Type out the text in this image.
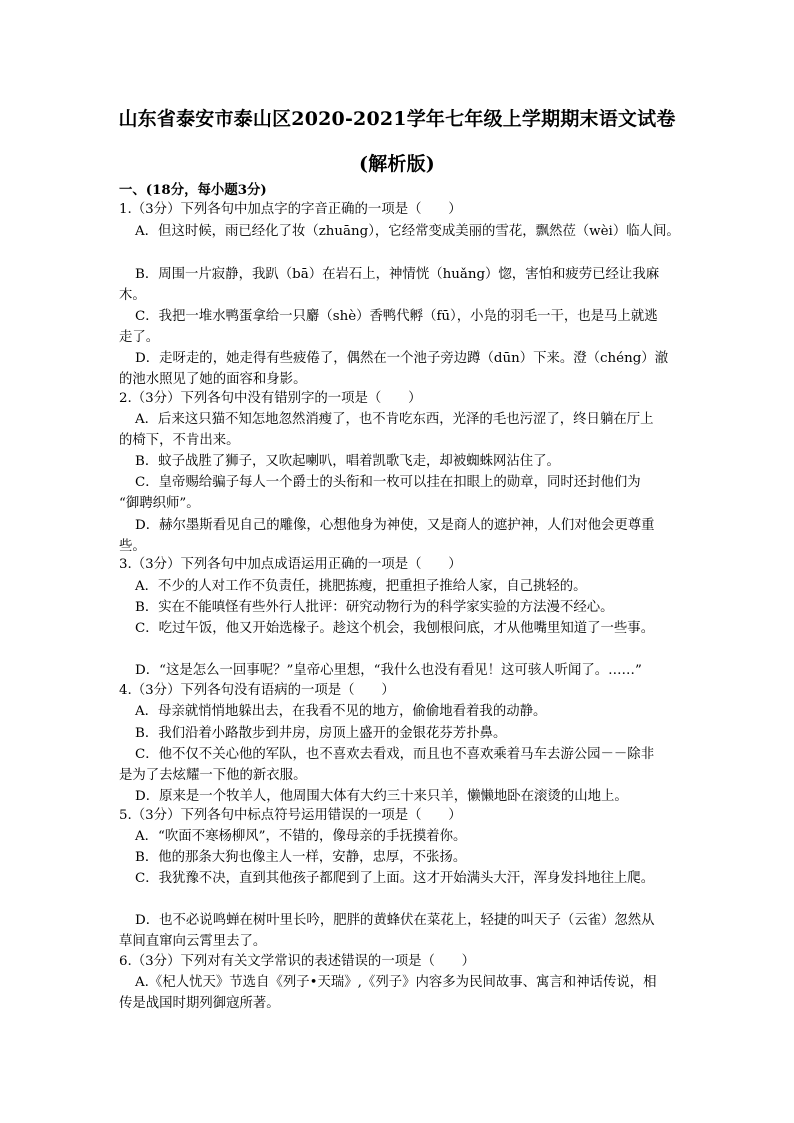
山东省泰安市泰山区2020-2021学年七年级上学期期末语文试卷
(解析版)
一、(18分，每小题3分)
1.（3分）下列各句中加点字的字音正确的一项是（　　）
A．但这时候，雨已经化了妆（zhuāng），它经常变成美丽的雪花，飘然莅（wèi）临人间。
B．周围一片寂静，我趴（bā）在岩石上，神情恍（huǎng）惚，害怕和疲劳已经让我麻
木。
C．我把一堆水鸭蛋拿给一只麝（shè）香鸭代孵（fū），小凫的羽毛一干，也是马上就逃
走了。
D．走呀走的，她走得有些疲倦了，偶然在一个池子旁边蹲（dūn）下来。澄（chéng）澈
的池水照见了她的面容和身影。
2.（3分）下列各句中没有错别字的一项是（　　）
A．后来这只猫不知怎地忽然消瘦了，也不肯吃东西，光泽的毛也污涩了，终日躺在厅上
的椅下，不肯出来。
B．蚊子战胜了狮子，又吹起喇叭，唱着凯歌飞走，却被蜘蛛网沾住了。
C．皇帝赐给骗子每人一个爵士的头衔和一枚可以挂在扣眼上的勋章，同时还封他们为
“御聘织师”。
D．赫尔墨斯看见自己的雕像，心想他身为神使，又是商人的遮护神，人们对他会更尊重
些。
3.（3分）下列各句中加点成语运用正确的一项是（　　）
A．不少的人对工作不负责任，挑肥拣瘦，把重担子推给人家，自己挑轻的。
B．实在不能嗔怪有些外行人批评：研究动物行为的科学家实验的方法漫不经心。
C．吃过午饭，他又开始选椽子。趁这个机会，我刨根问底，才从他嘴里知道了一些事。
D．“这是怎么一回事呢？”皇帝心里想，“我什么也没有看见！这可骇人听闻了。……”
4.（3分）下列各句没有语病的一项是（　　）
A．母亲就悄悄地躲出去，在我看不见的地方，偷偷地看着我的动静。
B．我们沿着小路散步到井房，房顶上盛开的金银花芬芳扑鼻。
C．他不仅不关心他的军队，也不喜欢去看戏，而且也不喜欢乘着马车去游公园－－除非
是为了去炫耀一下他的新衣服。
D．原来是一个牧羊人，他周围大体有大约三十来只羊，懒懒地卧在滚烫的山地上。
5.（3分）下列各句中标点符号运用错误的一项是（　　）
A．“吹面不寒杨柳风”，不错的，像母亲的手抚摸着你。
B．他的那条大狗也像主人一样，安静，忠厚，不张扬。
C．我犹豫不决，直到其他孩子都爬到了上面。这才开始满头大汗，浑身发抖地往上爬。
D．也不必说鸣蝉在树叶里长吟，肥胖的黄蜂伏在菜花上，轻捷的叫天子（云雀）忽然从
草间直窜向云霄里去了。
6.（3分）下列对有关文学常识的表述错误的一项是（　　）
A.《杞人忧天》节选自《列子•天瑞》,《列子》内容多为民间故事、寓言和神话传说，相
传是战国时期列御寇所著。
